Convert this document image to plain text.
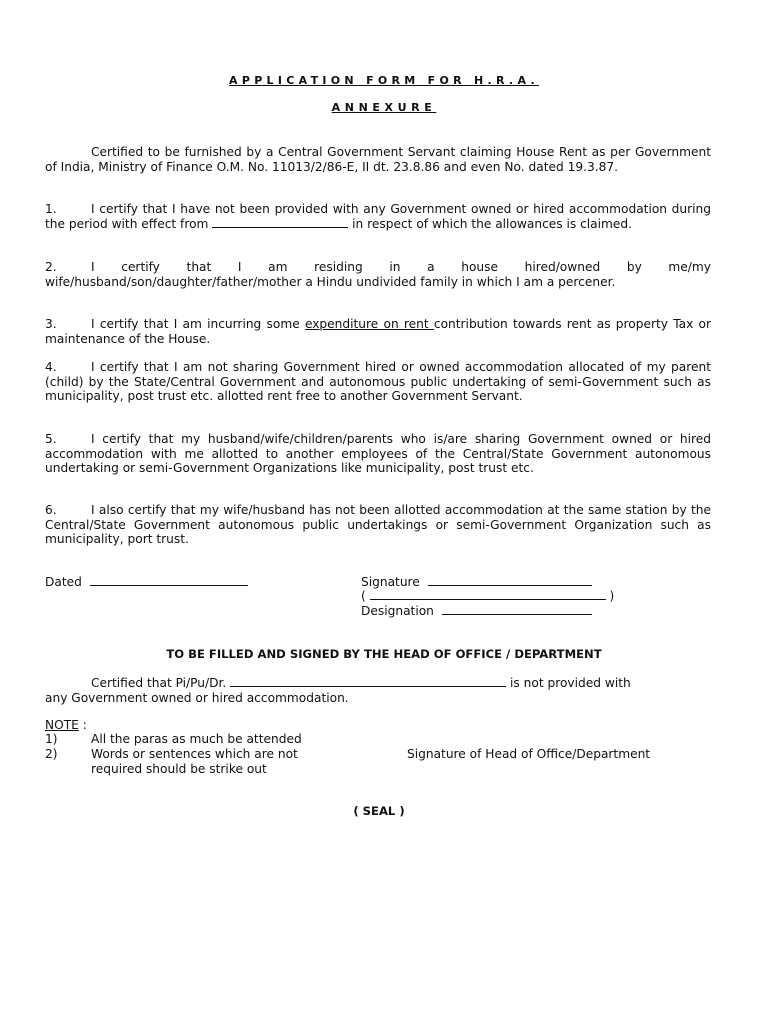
APPLICATION FORM FOR H.R.A.
ANNEXURE

Certified to be furnished by a Central Government Servant claiming House Rent as per Government of India, Ministry of Finance O.M. No. 11013/2/86-E, II dt. 23.8.86 and even No. dated 19.3.87.

1.	I certify that I have not been provided with any Government owned or hired accommodation during the period with effect from	in respect of which the allowances is claimed.

2.	I certify that I am residing in a house hired/owned by me/my wife/husband/son/daughter/father/mother a Hindu undivided family in which I am a percener.

3.	I certify that I am incurring some expenditure on rent contribution towards rent as property Tax or maintenance of the House.

4.	I certify that I am not sharing Government hired or owned accommodation allocated of my parent (child) by the State/Central Government and autonomous public undertaking of semi-Government such as municipality, post trust etc. allotted rent free to another Government Servant.

5.	I certify that my husband/wife/children/parents who is/are sharing Government owned or hired accommodation with me allotted to another employees of the Central/State Government autonomous undertaking or semi-Government Organizations like municipality, post trust etc.

6.	I also certify that my wife/husband has not been allotted accommodation at the same station by the Central/State Government autonomous public undertakings or semi-Government Organization such as municipality, port trust.

Dated	Signature
(	)
Designation
TO BE FILLED AND SIGNED BY THE HEAD OF OFFICE / DEPARTMENT

Certified that Pi/Pu/Dr.	is not provided with
any Government owned or hired accommodation.

NOTE :
1)	All the paras as much be attended
2)	Words or sentences which are not
required should be strike out
Signature of Head of Office/Department
( SEAL )
